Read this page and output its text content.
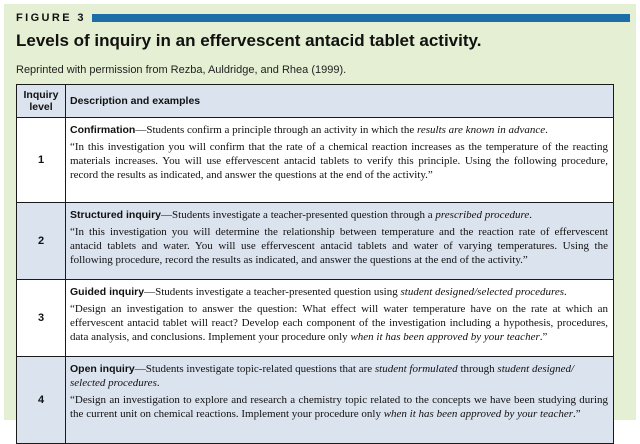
FIGURE 3
Levels of inquiry in an effervescent antacid tablet activity.
Reprinted with permission from Rezba, Auldridge, and Rhea (1999).
Inquiry
level	Description and examples
1	Confirmation—Students confirm a principle through an activity in which the results are known in advance.

“In this investigation you will confirm that the rate of a chemical reaction increases as the temperature of the reacting materials increases. You will use effervescent antacid tablets to verify this principle. Using the following procedure, record the results as indicated, and answer the questions at the end of the activity.”

2	Structured inquiry—Students investigate a teacher-presented question through a prescribed procedure.

“In this investigation you will determine the relationship between temperature and the reaction rate of effervescent antacid tablets and water. You will use effervescent antacid tablets and water of varying temperatures. Using the following procedure, record the results as indicated, and answer the questions at the end of the activity.”

3	Guided inquiry—Students investigate a teacher-presented question using student designed/selected procedures.

“Design an investigation to answer the question: What effect will water temperature have on the rate at which an effervescent antacid tablet will react? Develop each component of the investigation including a hypothesis, procedures, data analysis, and conclusions. Implement your procedure only when it has been approved by your teacher.”

4	Open inquiry—Students investigate topic-related questions that are student formulated through student designed/ selected procedures.

“Design an investigation to explore and research a chemistry topic related to the concepts we have been studying during the current unit on chemical reactions. Implement your procedure only when it has been approved by your teacher.”
